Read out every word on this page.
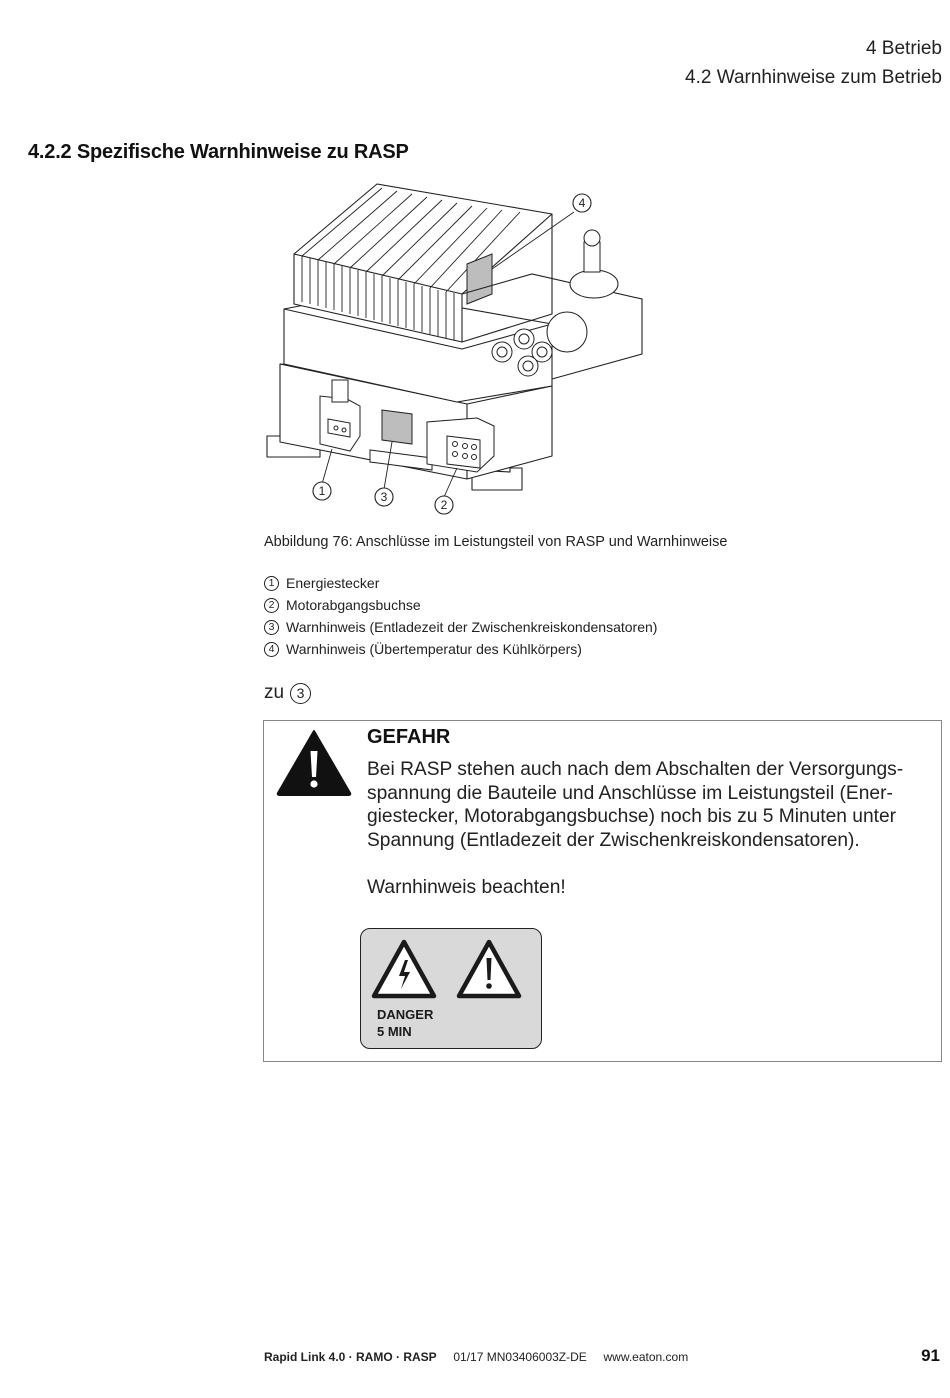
4 Betrieb
4.2 Warnhinweise zum Betrieb
4.2.2 Spezifische Warnhinweise zu RASP
1	3
2
4
Abbildung 76: Anschlüsse im Leistungsteil von RASP und Warnhinweise
1 Energiestecker
2 Motorabgangsbuchse
3 Warnhinweis (Entladezeit der Zwischenkreiskondensatoren)
4 Warnhinweis (Übertemperatur des Kühlkörpers)
zu 3
GEFAHR

Bei RASP stehen auch nach dem Abschalten der Versorgungs-

spannung die Bauteile und Anschlüsse im Leistungsteil (Ener-

giestecker, Motorabgangsbuchse) noch bis zu 5 Minuten unter

Spannung (Entladezeit der Zwischenkreiskondensatoren).

Warnhinweis beachten!

DANGER
5 MIN
Rapid Link 4.0 · RAMO · RASP 01/17 MN03406003Z-DE www.eaton.com	91
